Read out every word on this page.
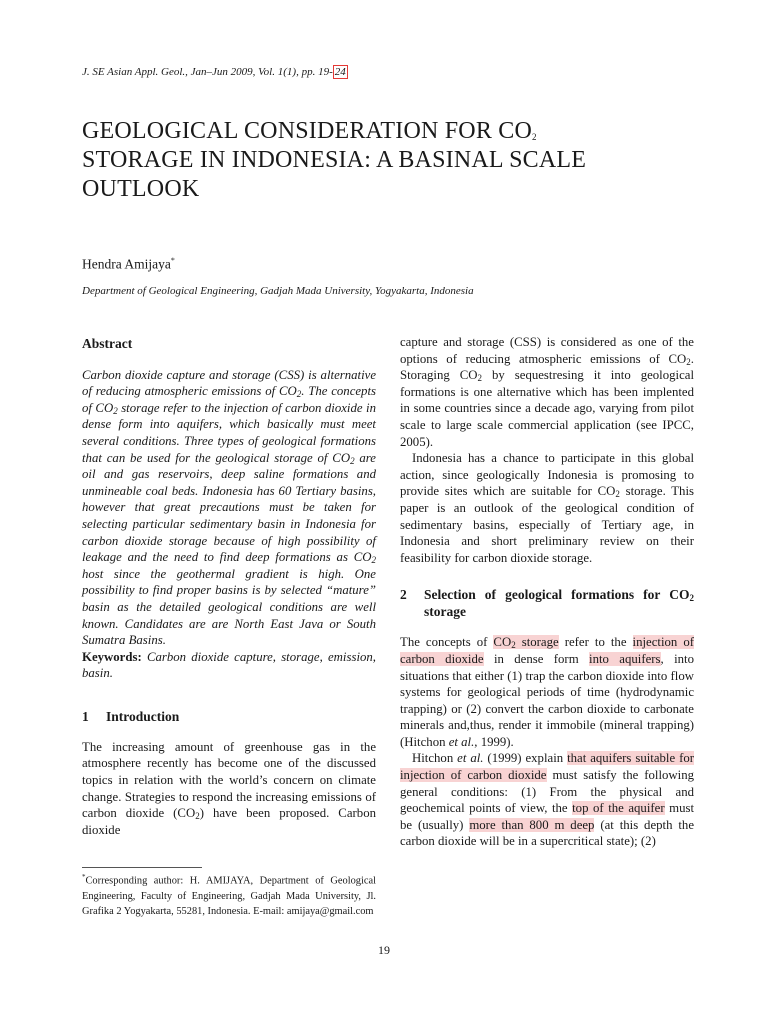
J. SE Asian Appl. Geol., Jan–Jun 2009, Vol. 1(1), pp. 19- 24
GEOLOGICAL CONSIDERATION FOR $CO_2$
STORAGE IN INDONESIA: A BASINAL SCALE
OUTLOOK
Hendra Amijaya*
Department of Geological Engineering, Gadjah Mada University, Yogyakarta, Indonesia
Abstract

Carbon dioxide capture and storage (CSS) is alternative of reducing atmospheric emissions of $CO_2$. The concepts of $CO_2$ storage refer to the injection of carbon dioxide in dense form into aquifers, which basically must meet several conditions. Three types of geological formations that can be used for the geological storage of $CO_2$ are oil and gas reservoirs, deep saline formations and unmineable coal beds. Indonesia has 60 Tertiary basins, however that great precautions must be taken for selecting particular sedimentary basin in Indonesia for carbon dioxide storage because of high possibility of leakage and the need to find deep formations as $CO_2$ host since the geothermal gradient is high. One possibility to find proper basins is by selected “mature” basin as the detailed geological conditions are well known. Candidates are are North East Java or South Sumatra Basins.

Keywords: Carbon dioxide capture, storage, emission, basin.

1 Introduction

The increasing amount of greenhouse gas in the atmosphere recently has become one of the discussed topics in relation with the world’s concern on climate change. Strategies to respond the increasing emissions of carbon dioxide $(CO_2)$ have been proposed. Carbon dioxide

capture and storage (CSS) is considered as one of the options of reducing atmospheric emissions of $CO_2$. Storaging $CO_2$ by sequestresing it into geological formations is one alternative which has been implented in some countries since a decade ago, varying from pilot scale to large scale commercial application (see IPCC, 2005).

Indonesia has a chance to participate in this global action, since geologically Indonesia is promosing to provide sites which are suitable for $CO_2$ storage. This paper is an outlook of the geological condition of sedimentary basins, especially of Tertiary age, in Indonesia and short preliminary review on their feasibility for carbon dioxide storage.

2 Selection of geological formations for $CO_2$ storage

The concepts of $CO_2$ storage refer to the injection of carbon dioxide in dense form into aquifers, into situations that either (1) trap the carbon dioxide into flow systems for geological periods of time (hydrodynamic trapping) or (2) convert the carbon dioxide to carbonate minerals and,thus, render it immobile (mineral trapping) (Hitchon et al., 1999).

Hitchon et al. (1999) explain that aquifers suitable for injection of carbon dioxide must satisfy the following general conditions: (1) From the physical and geochemical points of view, the top of the aquifer must be (usually) more than 800 m deep (at this depth the carbon dioxide will be in a supercritical state); (2)

*Corresponding author: H. AMIJAYA, Department of Geological Engineering, Faculty of Engineering, Gadjah Mada University, Jl. Grafika 2 Yogyakarta, 55281, Indonesia. E-mail: amijaya@gmail.com
19
